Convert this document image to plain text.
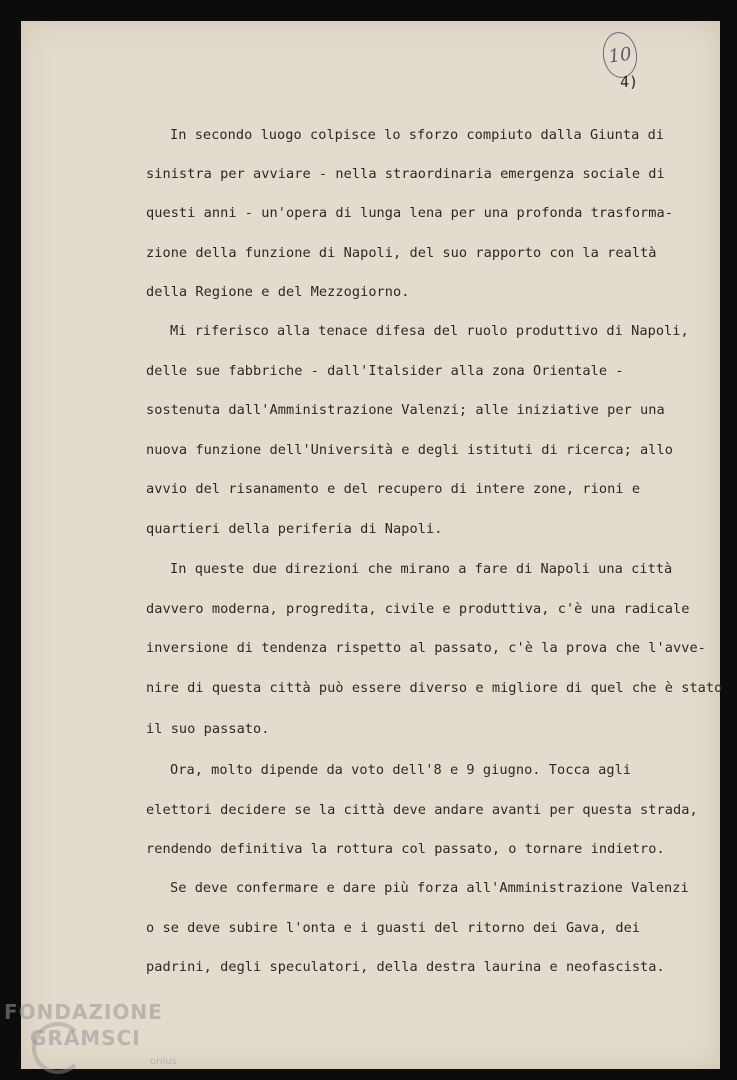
10
4)
In secondo luogo colpisce lo sforzo compiuto dalla Giunta di
sinistra per avviare - nella straordinaria emergenza sociale di
questi anni - un'opera di lunga lena per una profonda trasforma-
zione della funzione di Napoli, del suo rapporto con la realtà
della Regione e del Mezzogiorno.
Mi riferisco alla tenace difesa del ruolo produttivo di Napoli,
delle sue fabbriche - dall'Italsider alla zona Orientale -
sostenuta dall'Amministrazione Valenzi; alle iniziative per una
nuova funzione dell'Università e degli istituti di ricerca; allo
avvio del risanamento e del recupero di intere zone, rioni e
quartieri della periferia di Napoli.
In queste due direzioni che mirano a fare di Napoli una città
davvero moderna, progredita, civile e produttiva, c'è una radicale
inversione di tendenza rispetto al passato, c'è la prova che l'avve-
nire di questa città può essere diverso e migliore di quel che è stato
il suo passato.
Ora, molto dipende da voto dell'8 e 9 giugno. Tocca agli
elettori decidere se la città deve andare avanti per questa strada,
rendendo definitiva la rottura col passato, o tornare indietro.
Se deve confermare e dare più forza all'Amministrazione Valenzi
o se deve subire l'onta e i guasti del ritorno dei Gava, dei
padrini, degli speculatori, della destra laurina e neofascista.
FONDAZIONE
GRAMSCI
onlus
